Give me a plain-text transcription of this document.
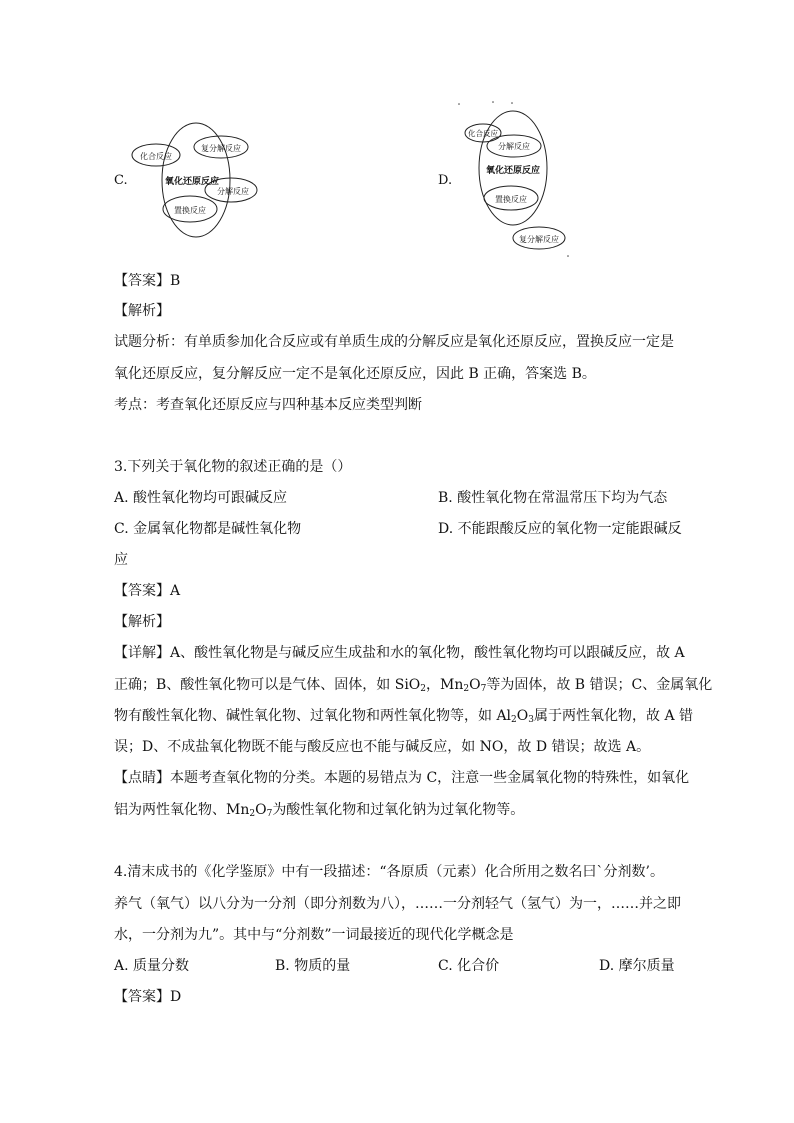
C.
化合反应
复分解反应
氧化还原反应
分解反应
置换反应
D.
化合反应
分解反应
氧化还原反应
置换反应
复分解反应
【答案】B
【解析】
试题分析：有单质参加化合反应或有单质生成的分解反应是氧化还原反应，置换反应一定是
氧化还原反应，复分解反应一定不是氧化还原反应，因此 B 正确，答案选 B。
考点：考查氧化还原反应与四种基本反应类型判断
3.下列关于氧化物的叙述正确的是（）
A. 酸性氧化物均可跟碱反应	B. 酸性氧化物在常温常压下均为气态
C. 金属氧化物都是碱性氧化物	D. 不能跟酸反应的氧化物一定能跟碱反
应
【答案】A
【解析】
【详解】A、酸性氧化物是与碱反应生成盐和水的氧化物，酸性氧化物均可以跟碱反应，故 A
正确；B、酸性氧化物可以是气体、固体，如 SiO$_2$，$Mn_2O_7$等为固体，故 B 错误；C、金属氧化
物有酸性氧化物、碱性氧化物、过氧化物和两性氧化物等，如 $Al_2O_3$属于两性氧化物，故 A 错
误；D、不成盐氧化物既不能与酸反应也不能与碱反应，如 NO，故 D 错误；故选 A。
【点睛】本题考查氧化物的分类。本题的易错点为 C，注意一些金属氧化物的特殊性，如氧化
铝为两性氧化物、$Mn_2O_7$为酸性氧化物和过氧化钠为过氧化物等。
4.清末成书的《化学鉴原》中有一段描述：“各原质（元素）化合所用之数名曰`分剂数’。
养气（氧气）以八分为一分剂（即分剂数为八），……一分剂轻气（氢气）为一，……并之即
水，一分剂为九”。其中与“分剂数”一词最接近的现代化学概念是
A. 质量分数	B. 物质的量	C. 化合价	D. 摩尔质量
【答案】D
